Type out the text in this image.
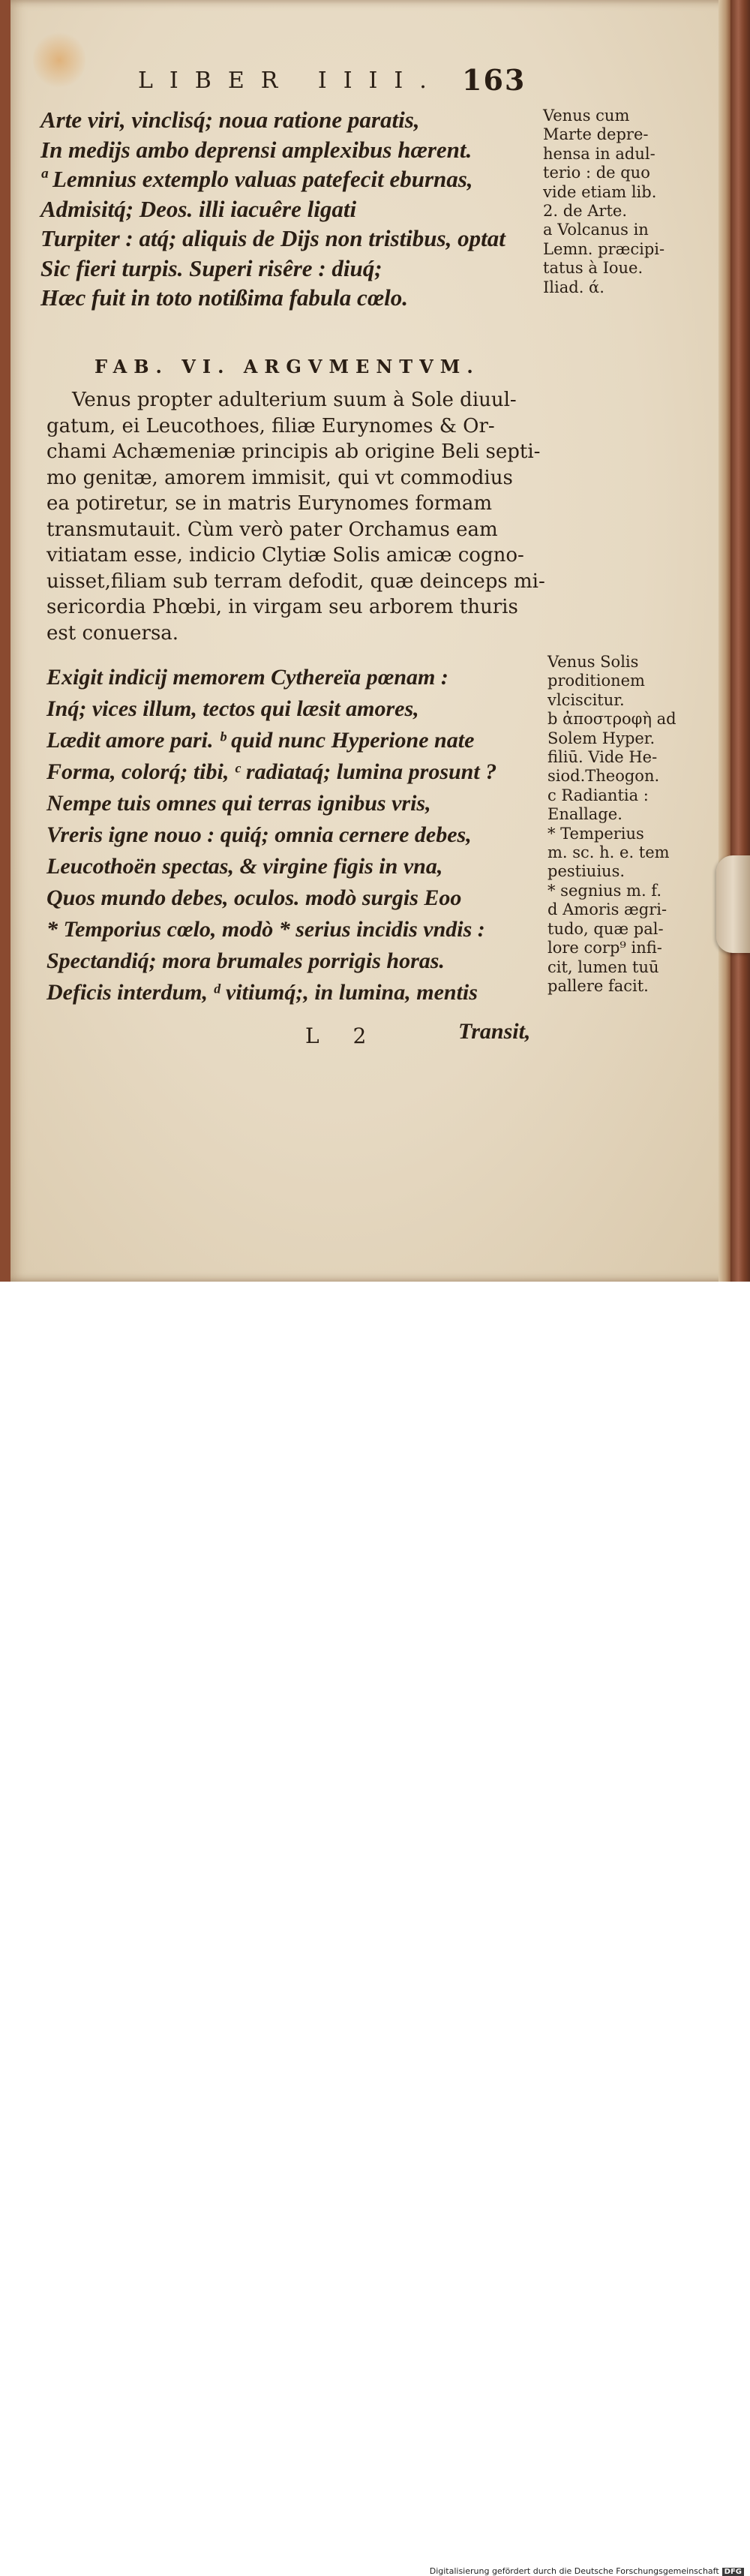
LIBER IIII. 163
Arte viri, vinclisq́; noua ratione paratis,
In medijs ambo deprensi amplexibus hærent.
ª Lemnius extemplo valuas patefecit eburnas,
Admisitq́; Deos. illi iacuêre ligati
Turpiter : atq́; aliquis de Dijs non tristibus, optat
Sic fieri turpis. Superi risêre : diuq́;
Hæc fuit in toto notißima fabula cœlo.
Venus cum
Marte depre-
hensa in adul-
terio : de quo
vide etiam lib.
2. de Arte.
a Volcanus in
Lemn. præcipi-
tatus à Ioue.
Iliad. ά.
FAB. VI. ARGVMENTVM.
Venus propter adulterium suum à Sole diuul-
gatum, ei Leucothoes, filiæ Eurynomes & Or-
chami Achæmeniæ principis ab origine Beli septi-
mo genitæ, amorem immisit, qui vt commodius
ea potiretur, se in matris Eurynomes formam
transmutauit. Cùm verò pater Orchamus eam
vitiatam esse, indicio Clytiæ Solis amicæ cogno-
uisset,filiam sub terram defodit, quæ deinceps mi-
sericordia Phœbi, in virgam seu arborem thuris
est conuersa.
Exigit indicij memorem Cythereïa pœnam :
Inq́; vices illum, tectos qui læsit amores,
Lædit amore pari. ᵇ quid nunc Hyperione nate
Forma, colorq́; tibi, ᶜ radiataq́; lumina prosunt ?
Nempe tuis omnes qui terras ignibus vris,
Vreris igne nouo : quiq́; omnia cernere debes,
Leucothoën spectas, & virgine figis in vna,
Quos mundo debes, oculos. modò surgis Eoo
* Temporius cœlo, modò * serius incidis vndis :
Spectandiq́; mora brumales porrigis horas.
Deficis interdum, ᵈ vitiumq́;, in lumina, mentis
Venus Solis
proditionem
vlciscitur.
b ἀποστροφὴ ad
Solem Hyper.
filiū. Vide He-
siod.Theogon.
c Radiantia :
Enallage.
* Temperius
m. sc. h. e. tem
pestiuius.
* segnius m. f.
d Amoris ægri-
tudo, quæ pal-
lore corp⁹ infi-
cit, lumen tuū
pallere facit.
L 2	Transit,
Digitalisierung gefördert durch die Deutsche Forschungsgemeinschaft DFG
